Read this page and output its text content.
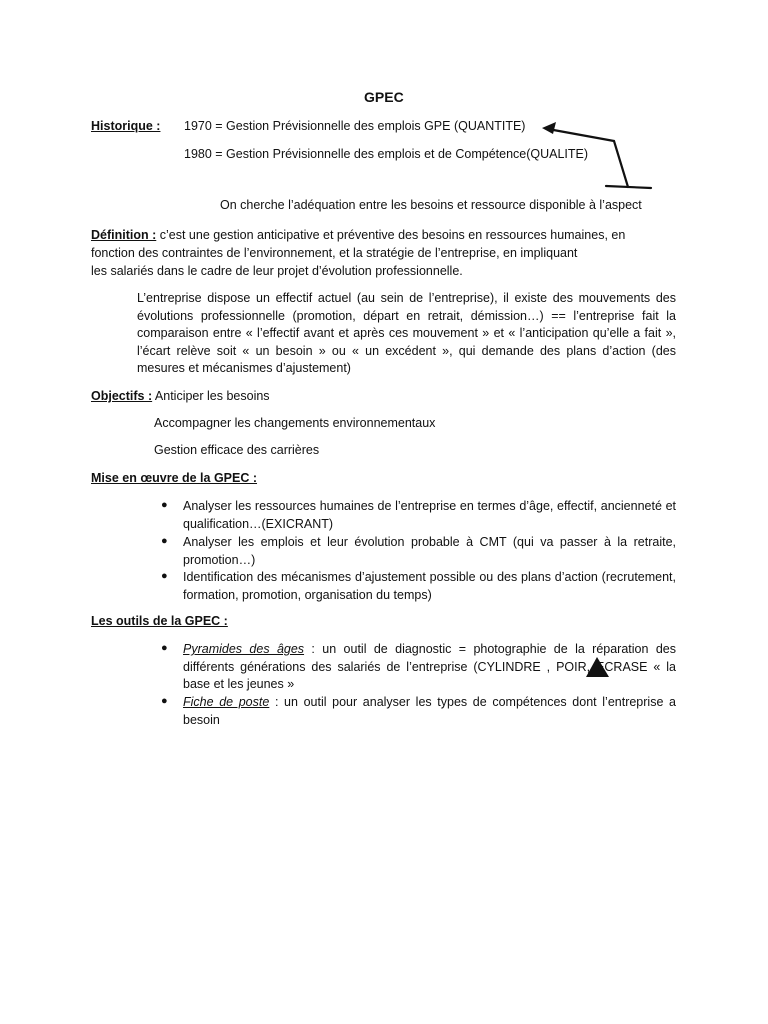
GPEC
Historique : 1970 = Gestion Prévisionnelle des emplois GPE (QUANTITE)
1980 = Gestion Prévisionnelle des emplois et de Compétence(QUALITE)
On cherche l’adéquation entre les besoins et ressource disponible à l’aspect
Définition : c’est une gestion anticipative et préventive des besoins en ressources humaines, en
fonction des contraintes de l’environnement, et la stratégie de l’entreprise, en impliquant
les salariés dans le cadre de leur projet d’évolution professionnelle.
L’entreprise dispose un effectif actuel (au sein de l’entreprise), il existe des mouvements des évolutions professionnelle (promotion, départ en retrait, démission…) == l’entreprise fait la comparaison entre « l’effectif avant et après ces mouvement » et « l’anticipation qu’elle a fait », l’écart relève soit « un besoin » ou « un excédent », qui demande des plans d’action (des mesures et mécanismes d’ajustement)
Objectifs : Anticiper les besoins
Accompagner les changements environnementaux
Gestion efficace des carrières
Mise en œuvre de la GPEC :
● Analyser les ressources humaines de l’entreprise en termes d’âge, effectif, ancienneté et qualification…(EXICRANT)
● Analyser les emplois et leur évolution probable à CMT (qui va passer à la retraite, promotion…)
● Identification des mécanismes d’ajustement possible ou des plans d’action (recrutement, formation, promotion, organisation du temps)
Les outils de la GPEC :
● Pyramides des âges : un outil de diagnostic = photographie de la réparation des différents générations des salariés de l’entreprise (CYLINDRE , POIR, ECRASE « la base et les jeunes »
● Fiche de poste : un outil pour analyser les types de compétences dont l’entreprise a besoin
